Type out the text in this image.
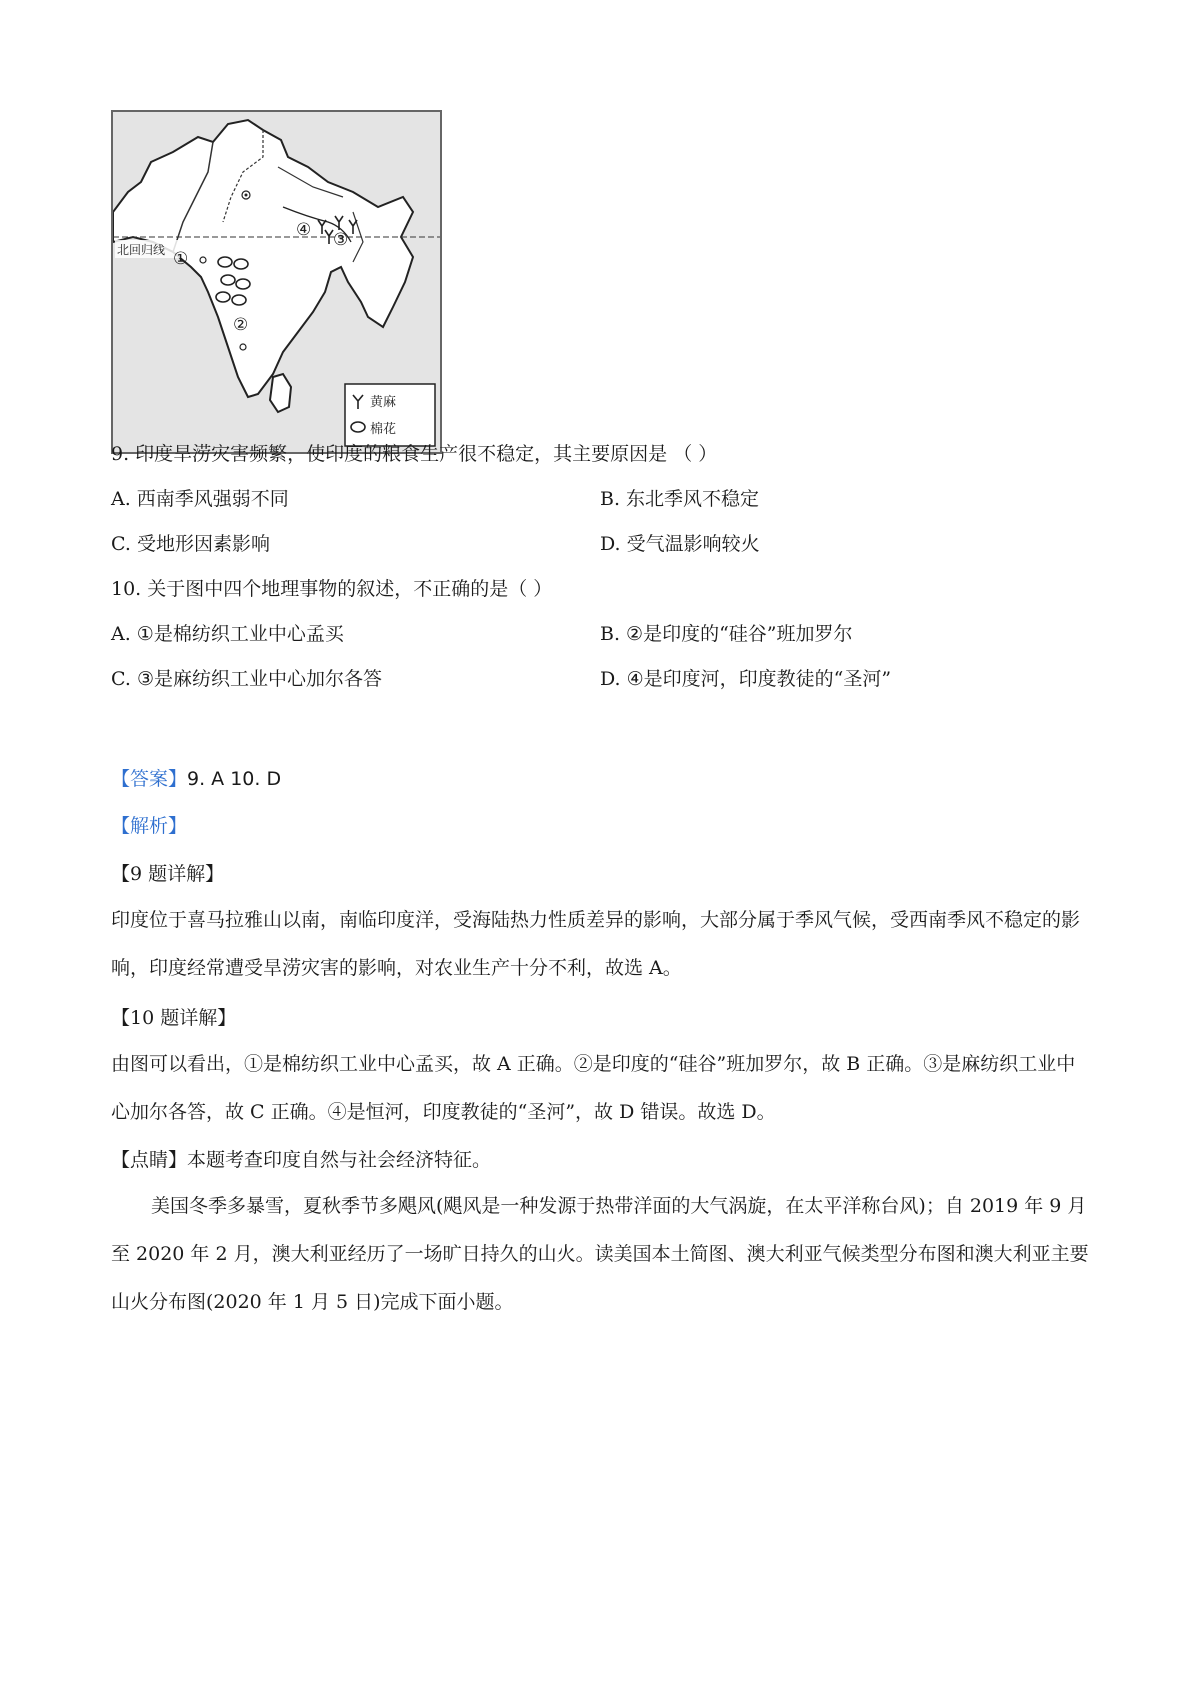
北回归线 ①
②
③
④
黄麻
棉花
9. 印度旱涝灾害频繁，使印度的粮食生产很不稳定，其主要原因是 （ ）
A. 西南季风强弱不同	B. 东北季风不稳定
C. 受地形因素影响	D. 受气温影响较火
10. 关于图中四个地理事物的叙述，不正确的是（ ）
A. ①是棉纺织工业中心孟买	B. ②是印度的“硅谷”班加罗尔
C. ③是麻纺织工业中心加尔各答	D. ④是印度河，印度教徒的“圣河”
【答案】9. A 10. D
【解析】
【9 题详解】
印度位于喜马拉雅山以南，南临印度洋，受海陆热力性质差异的影响，大部分属于季风气候，受西南季风不稳定的影响，印度经常遭受旱涝灾害的影响，对农业生产十分不利，故选 A。
【10 题详解】
由图可以看出，①是棉纺织工业中心孟买，故 A 正确。②是印度的“硅谷”班加罗尔，故 B 正确。③是麻纺织工业中心加尔各答，故 C 正确。④是恒河，印度教徒的“圣河”，故 D 错误。故选 D。
【点睛】本题考查印度自然与社会经济特征。
美国冬季多暴雪，夏秋季节多飓风(飓风是一种发源于热带洋面的大气涡旋，在太平洋称台风)；自 2019 年 9 月至 2020 年 2 月，澳大利亚经历了一场旷日持久的山火。读美国本土简图、澳大利亚气候类型分布图和澳大利亚主要山火分布图(2020 年 1 月 5 日)完成下面小题。
